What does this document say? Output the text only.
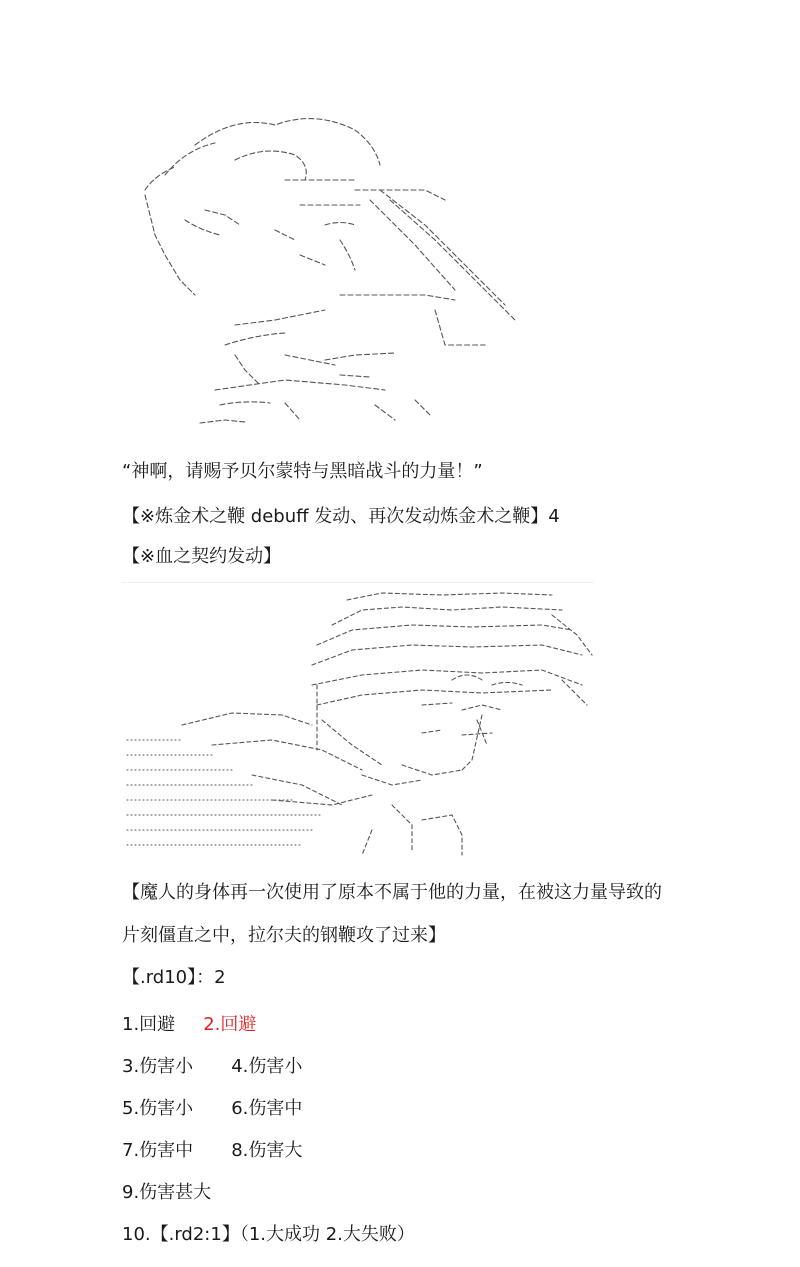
“神啊，请赐予贝尔蒙特与黑暗战斗的力量！”
【※炼金术之鞭 debuff 发动、再次发动炼金术之鞭】4
【※血之契约发动】
【魔人的身体再一次使用了原本不属于他的力量，在被这力量导致的
片刻僵直之中，拉尔夫的钢鞭攻了过来】
【.rd10】：2
1.回避 2.回避
3.伤害小 4.伤害小
5.伤害小 6.伤害中
7.伤害中 8.伤害大
9.伤害甚大
10.【.rd2:1】（1.大成功 2.大失败）
